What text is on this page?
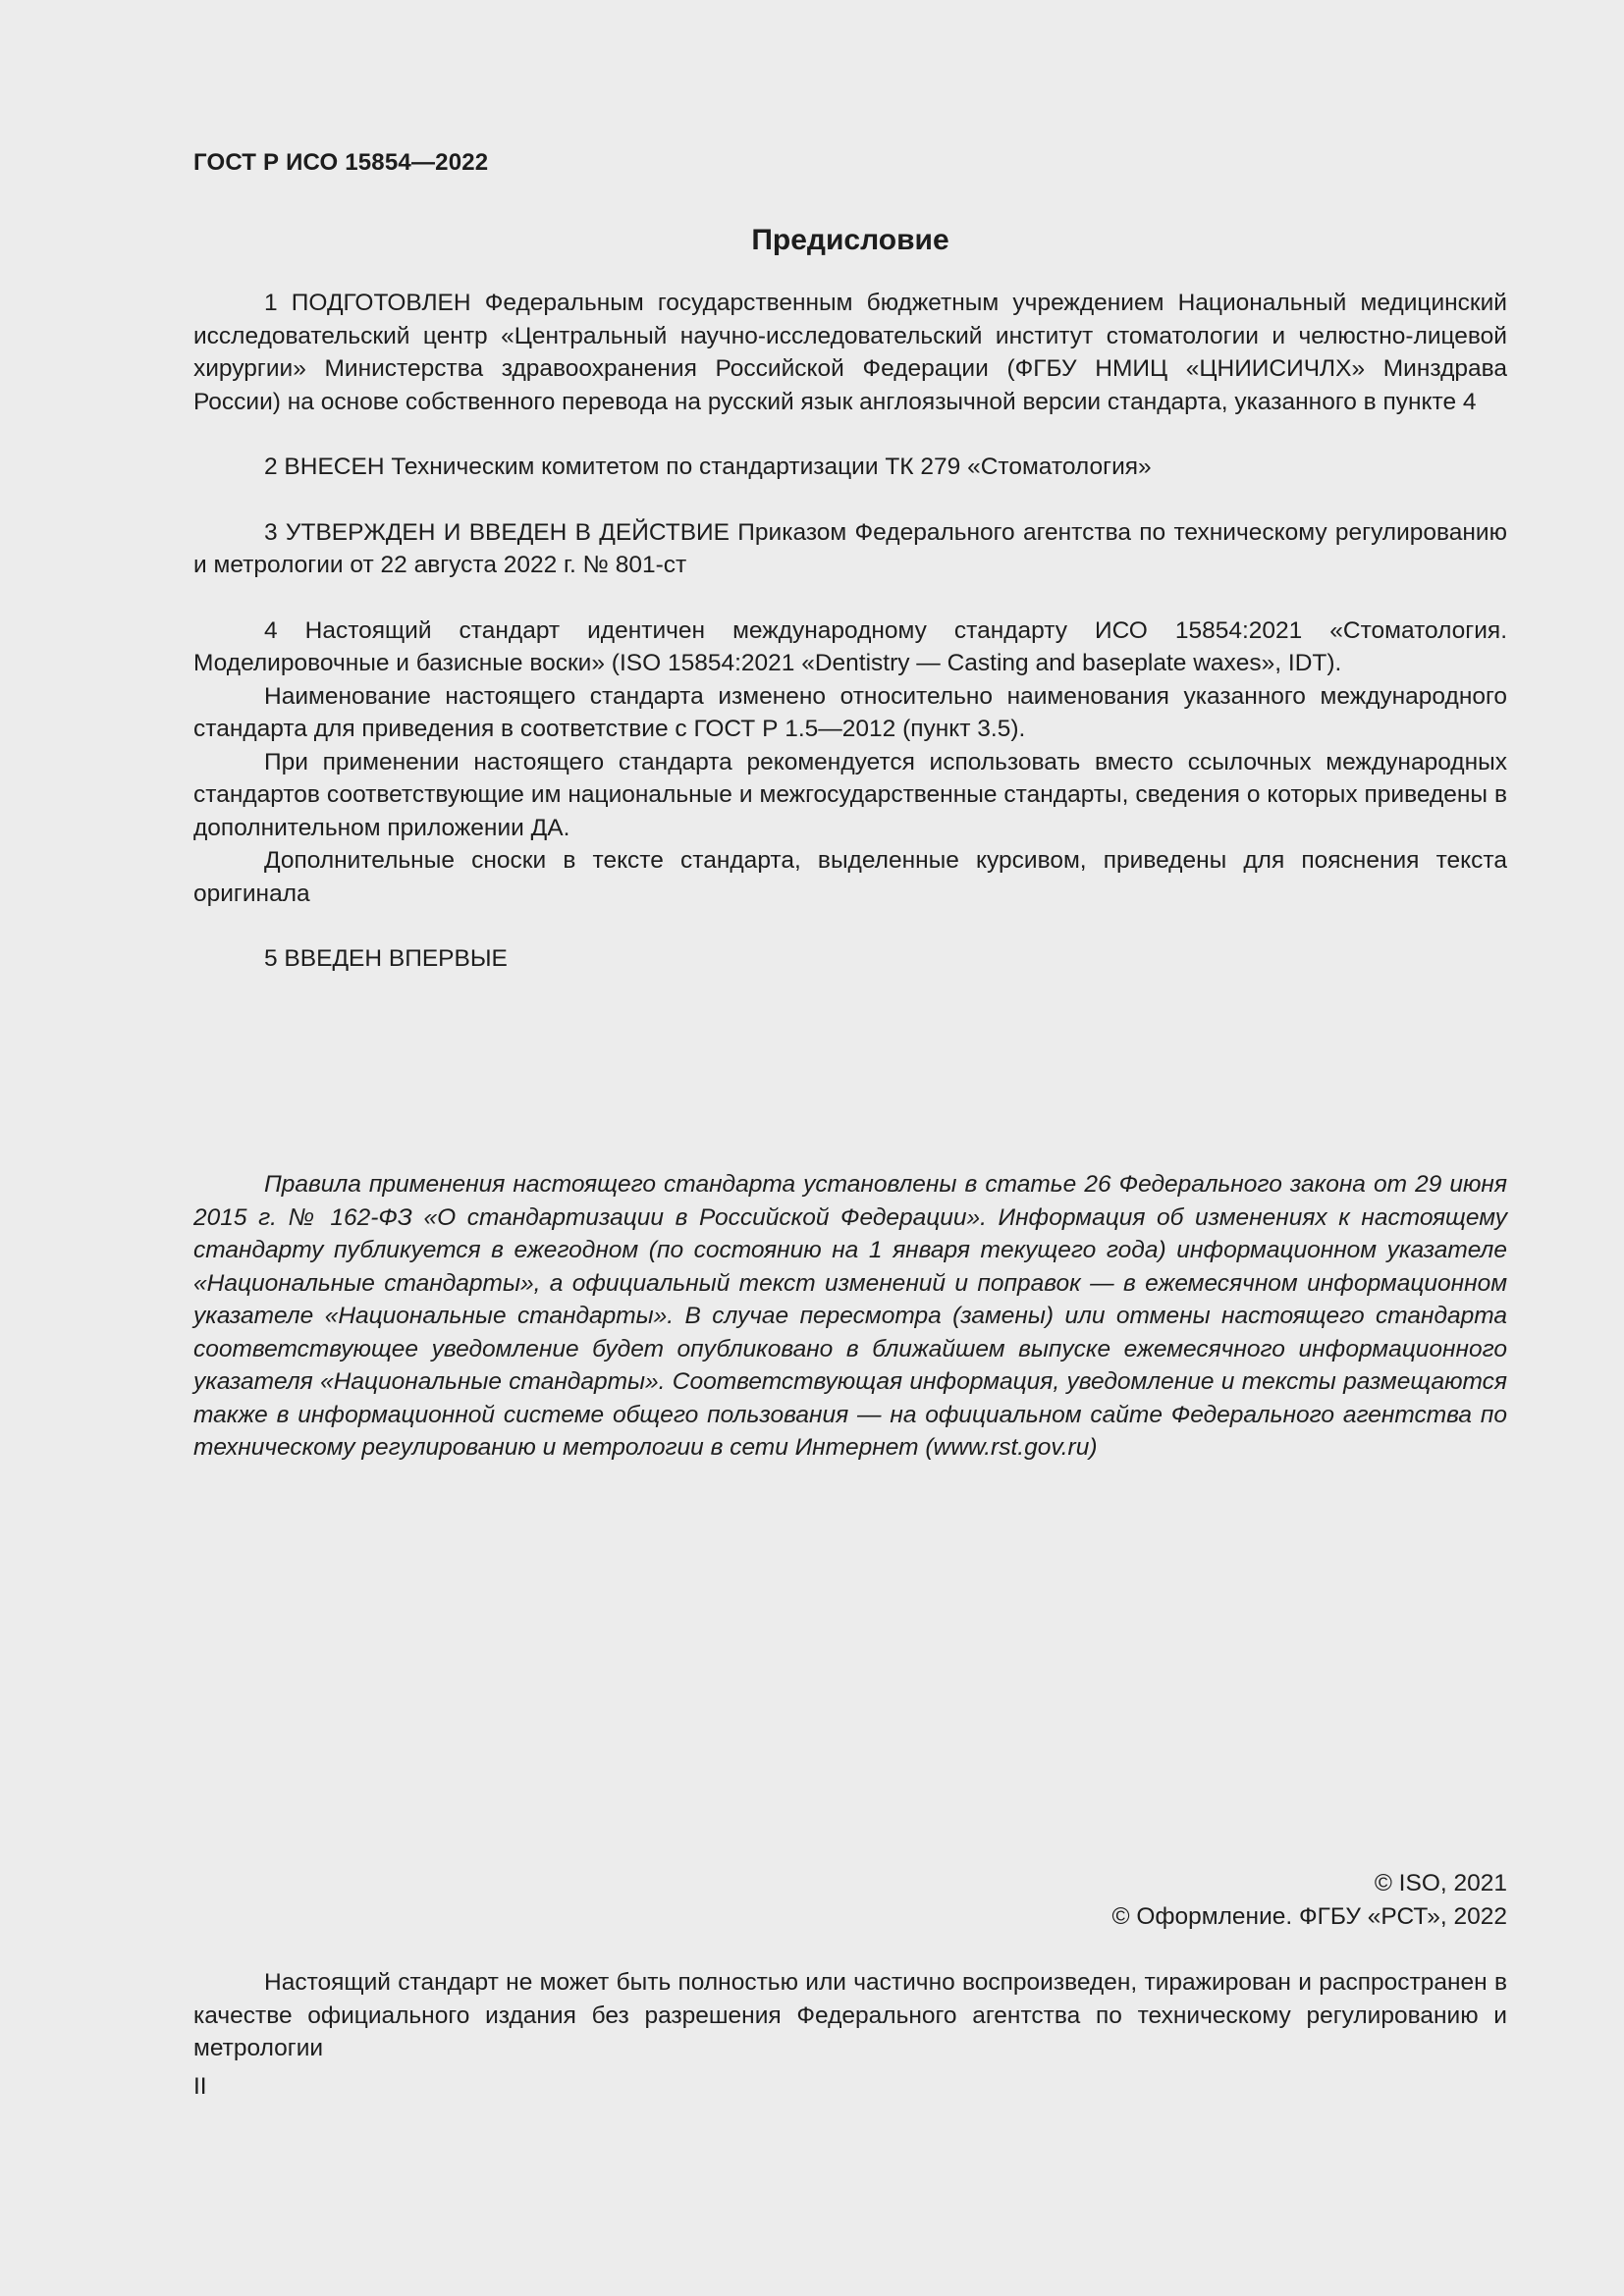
ГОСТ Р ИСО 15854—2022
Предисловие

1 ПОДГОТОВЛЕН Федеральным государственным бюджетным учреждением Национальный медицинский исследовательский центр «Центральный научно-исследовательский институт стоматологии и челюстно-лицевой хирургии» Министерства здравоохранения Российской Федерации (ФГБУ НМИЦ «ЦНИИСИЧЛХ» Минздрава России) на основе собственного перевода на русский язык англоязычной версии стандарта, указанного в пункте 4

2 ВНЕСЕН Техническим комитетом по стандартизации ТК 279 «Стоматология»

3 УТВЕРЖДЕН И ВВЕДЕН В ДЕЙСТВИЕ Приказом Федерального агентства по техническому регулированию и метрологии от 22 августа 2022 г. № 801-ст

4 Настоящий стандарт идентичен международному стандарту ИСО 15854:2021 «Стоматология. Моделировочные и базисные воски» (ISO 15854:2021 «Dentistry — Casting and baseplate waxes», IDT).

Наименование настоящего стандарта изменено относительно наименования указанного международного стандарта для приведения в соответствие с ГОСТ Р 1.5—2012 (пункт 3.5).

При применении настоящего стандарта рекомендуется использовать вместо ссылочных международных стандартов соответствующие им национальные и межгосударственные стандарты, сведения о которых приведены в дополнительном приложении ДА.

Дополнительные сноски в тексте стандарта, выделенные курсивом, приведены для пояснения текста оригинала

5 ВВЕДЕН ВПЕРВЫЕ

Правила применения настоящего стандарта установлены в статье 26 Федерального закона от 29 июня 2015 г. № 162-ФЗ «О стандартизации в Российской Федерации». Информация об изменениях к настоящему стандарту публикуется в ежегодном (по состоянию на 1 января текущего года) информационном указателе «Национальные стандарты», а официальный текст изменений и поправок — в ежемесячном информационном указателе «Национальные стандарты». В случае пересмотра (замены) или отмены настоящего стандарта соответствующее уведомление будет опубликовано в ближайшем выпуске ежемесячного информационного указателя «Национальные стандарты». Соответствующая информация, уведомление и тексты размещаются также в информационной системе общего пользования — на официальном сайте Федерального агентства по техническому регулированию и метрологии в сети Интернет (www.rst.gov.ru)

© ISO, 2021
© Оформление. ФГБУ «РСТ», 2022

Настоящий стандарт не может быть полностью или частично воспроизведен, тиражирован и распространен в качестве официального издания без разрешения Федерального агентства по техническому регулированию и метрологии

II
